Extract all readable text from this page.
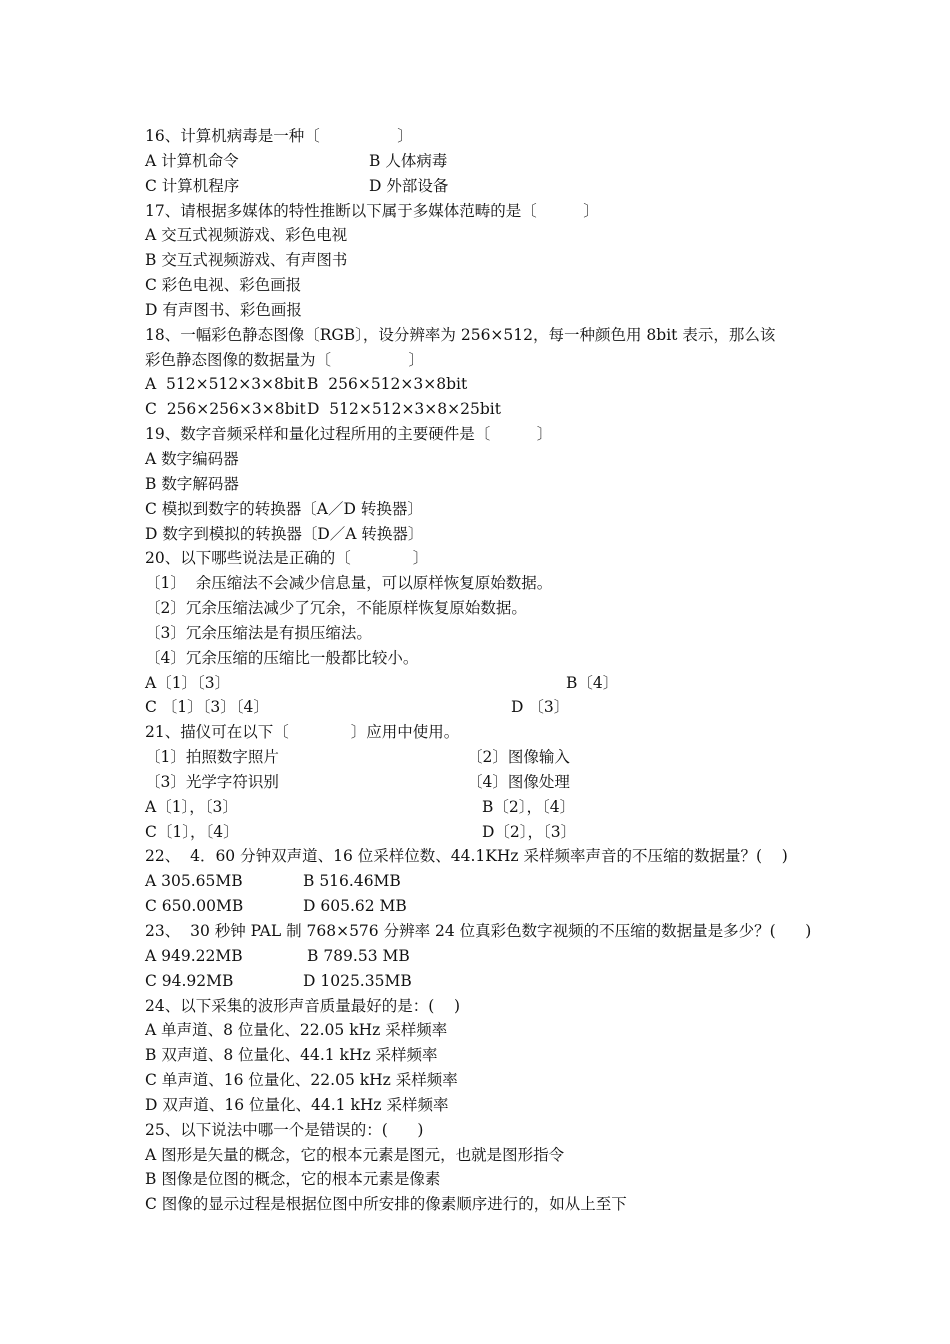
16、计算机病毒是一种〔　　　　　〕
A 计算机命令	B 人体病毒
C 计算机程序	D 外部设备
17、请根据多媒体的特性推断以下属于多媒体范畴的是〔　　　〕
A 交互式视频游戏、彩色电视
B 交互式视频游戏、有声图书
C 彩色电视、彩色画报
D 有声图书、彩色画报
18、一幅彩色静态图像〔RGB〕，设分辨率为 256×512，每一种颜色用 8bit 表示，那么该
彩色静态图像的数据量为〔　　　　　〕
A  512×512×3×8bit B  256×512×3×8bit
C  256×256×3×8bit D  512×512×3×8×25bit
19、数字音频采样和量化过程所用的主要硬件是〔　　　〕
A 数字编码器
B 数字解码器
C 模拟到数字的转换器〔A／D 转换器〕
D 数字到模拟的转换器〔D／A 转换器〕
20、以下哪些说法是正确的〔　　　　〕
〔1〕  余压缩法不会减少信息量，可以原样恢复原始数据。
〔2〕冗余压缩法减少了冗余，不能原样恢复原始数据。
〔3〕冗余压缩法是有损压缩法。
〔4〕冗余压缩的压缩比一般都比较小。
A〔1〕〔3〕	B〔4〕
C 〔1〕〔3〕〔4〕	D 〔3〕
21、描仪可在以下〔　　　　〕应用中使用。
〔1〕拍照数字照片	〔2〕图像输入
〔3〕光学字符识别	〔4〕图像处理
A〔1〕，〔3〕	B〔2〕，〔4〕
C〔1〕，〔4〕	D〔2〕，〔3〕
22、  4．60 分钟双声道、16 位采样位数、44.1KHz 采样频率声音的不压缩的数据量？(    )
A 305.65MB	B 516.46MB
C 650.00MB	D 605.62 MB
23、  30 秒钟 PAL 制 768×576 分辨率 24 位真彩色数字视频的不压缩的数据量是多少？(      )
A 949.22MB	B 789.53 MB
C 94.92MB	D 1025.35MB
24、以下采集的波形声音质量最好的是：(    )
A 单声道、8 位量化、22.05 kHz 采样频率
B 双声道、8 位量化、44.1 kHz 采样频率
C 单声道、16 位量化、22.05 kHz 采样频率
D 双声道、16 位量化、44.1 kHz 采样频率
25、以下说法中哪一个是错误的：(      )
A 图形是矢量的概念，它的根本元素是图元，也就是图形指令
B 图像是位图的概念，它的根本元素是像素
C 图像的显示过程是根据位图中所安排的像素顺序进行的，如从上至下
